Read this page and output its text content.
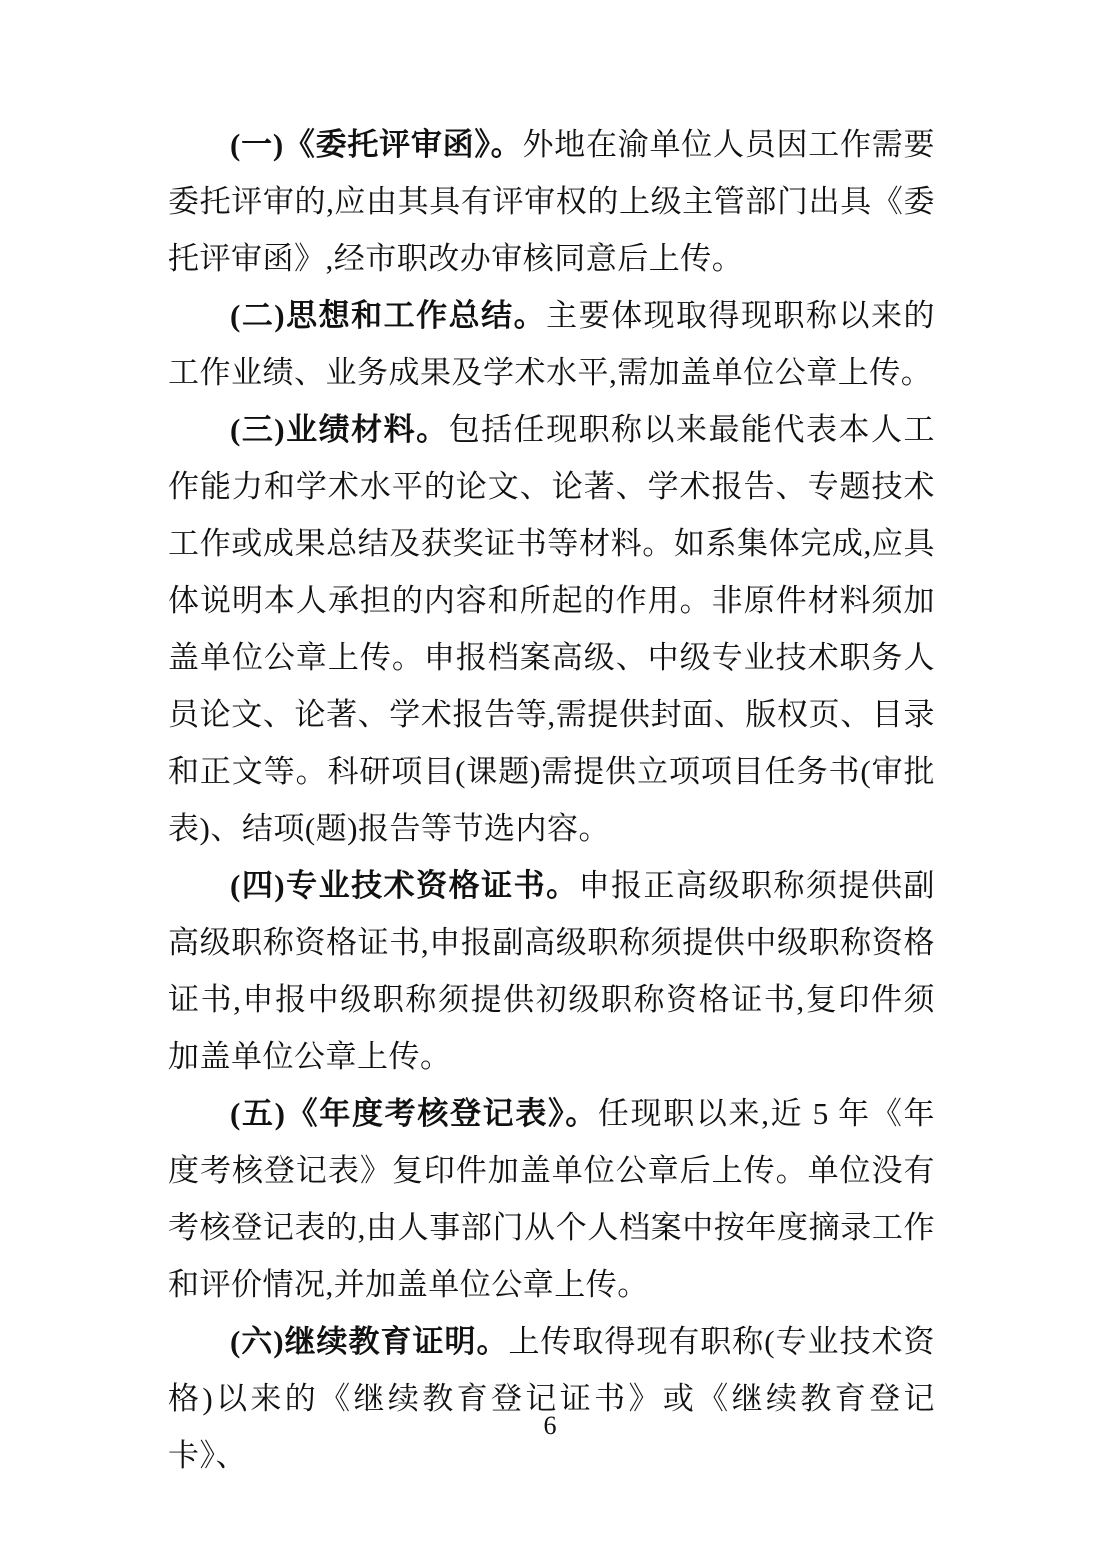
(一)《委托评审函》。外地在渝单位人员因工作需要委托评审的,应由其具有评审权的上级主管部门出具《委托评审函》,经市职改办审核同意后上传。

(二)思想和工作总结。主要体现取得现职称以来的工作业绩、业务成果及学术水平,需加盖单位公章上传。

(三)业绩材料。包括任现职称以来最能代表本人工作能力和学术水平的论文、论著、学术报告、专题技术工作或成果总结及获奖证书等材料。如系集体完成,应具体说明本人承担的内容和所起的作用。非原件材料须加盖单位公章上传。申报档案高级、中级专业技术职务人员论文、论著、学术报告等,需提供封面、版权页、目录和正文等。科研项目(课题)需提供立项项目任务书(审批表)、结项(题)报告等节选内容。

(四)专业技术资格证书。申报正高级职称须提供副高级职称资格证书,申报副高级职称须提供中级职称资格证书,申报中级职称须提供初级职称资格证书,复印件须加盖单位公章上传。

(五)《年度考核登记表》。任现职以来,近 5 年《年度考核登记表》复印件加盖单位公章后上传。单位没有考核登记表的,由人事部门从个人档案中按年度摘录工作和评价情况,并加盖单位公章上传。

(六)继续教育证明。上传取得现有职称(专业技术资格)以来的《继续教育登记证书》或《继续教育登记卡》、

6
